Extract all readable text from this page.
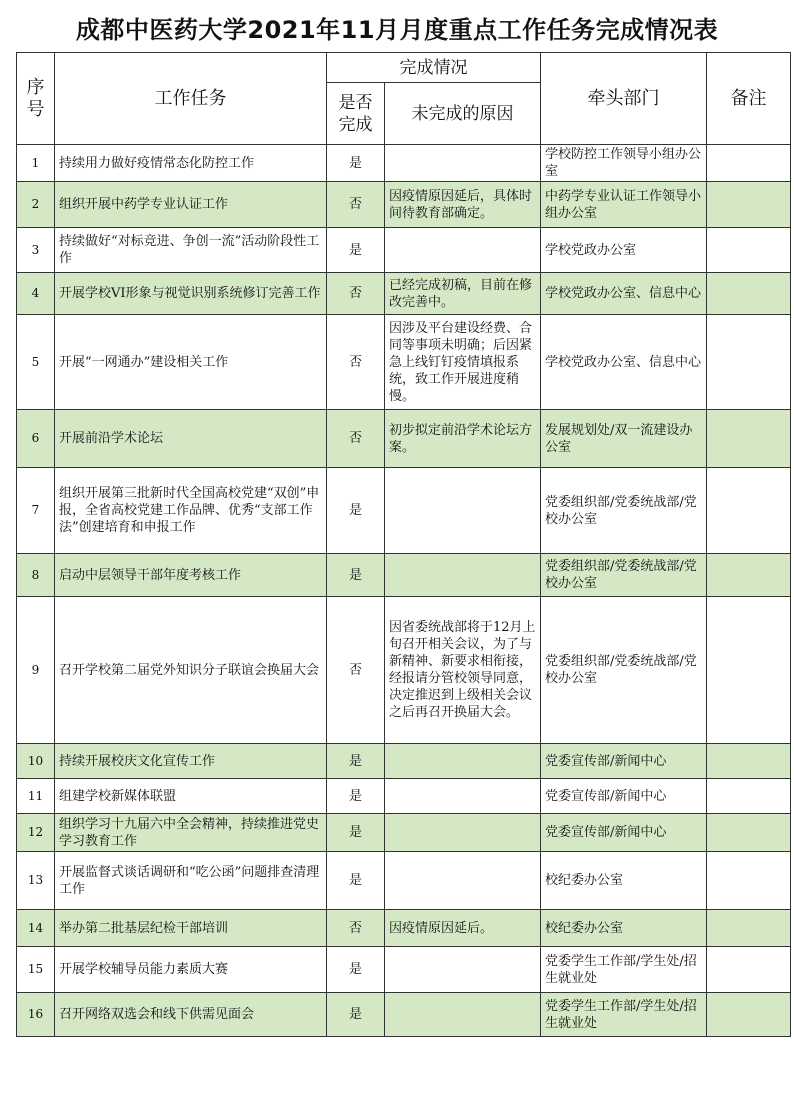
成都中医药大学2021年11月月度重点工作任务完成情况表
序号	工作任务	完成情况		牵头部门	备注
		是否完成	未完成的原因		
1	持续用力做好疫情常态化防控工作	是		学校防控工作领导小组办公室	
2	组织开展中药学专业认证工作	否	因疫情原因延后，具体时间待教育部确定。	中药学专业认证工作领导小组办公室	
3	持续做好“对标竞进、争创一流”活动阶段性工作	是		学校党政办公室	
4	开展学校VI形象与视觉识别系统修订完善工作	否	已经完成初稿，目前在修改完善中。	学校党政办公室、信息中心	
5	开展“一网通办”建设相关工作	否	因涉及平台建设经费、合同等事项未明确；后因紧急上线钉钉疫情填报系统，致工作开展进度稍慢。	学校党政办公室、信息中心	
6	开展前沿学术论坛	否	初步拟定前沿学术论坛方案。	发展规划处/双一流建设办公室	
7	组织开展第三批新时代全国高校党建“双创”申报，全省高校党建工作品牌、优秀“支部工作法”创建培育和申报工作	是		党委组织部/党委统战部/党校办公室	
8	启动中层领导干部年度考核工作	是		党委组织部/党委统战部/党校办公室	
9	召开学校第二届党外知识分子联谊会换届大会	否	因省委统战部将于12月上旬召开相关会议，为了与新精神、新要求相衔接，经报请分管校领导同意，决定推迟到上级相关会议之后再召开换届大会。	党委组织部/党委统战部/党校办公室	
10	持续开展校庆文化宣传工作	是		党委宣传部/新闻中心	
11	组建学校新媒体联盟	是		党委宣传部/新闻中心	
12	组织学习十九届六中全会精神，持续推进党史学习教育工作	是		党委宣传部/新闻中心	
13	开展监督式谈话调研和“吃公函”问题排查清理工作	是		校纪委办公室	
14	举办第二批基层纪检干部培训	否	因疫情原因延后。	校纪委办公室	
15	开展学校辅导员能力素质大赛	是		党委学生工作部/学生处/招生就业处	
16	召开网络双选会和线下供需见面会	是		党委学生工作部/学生处/招生就业处	
